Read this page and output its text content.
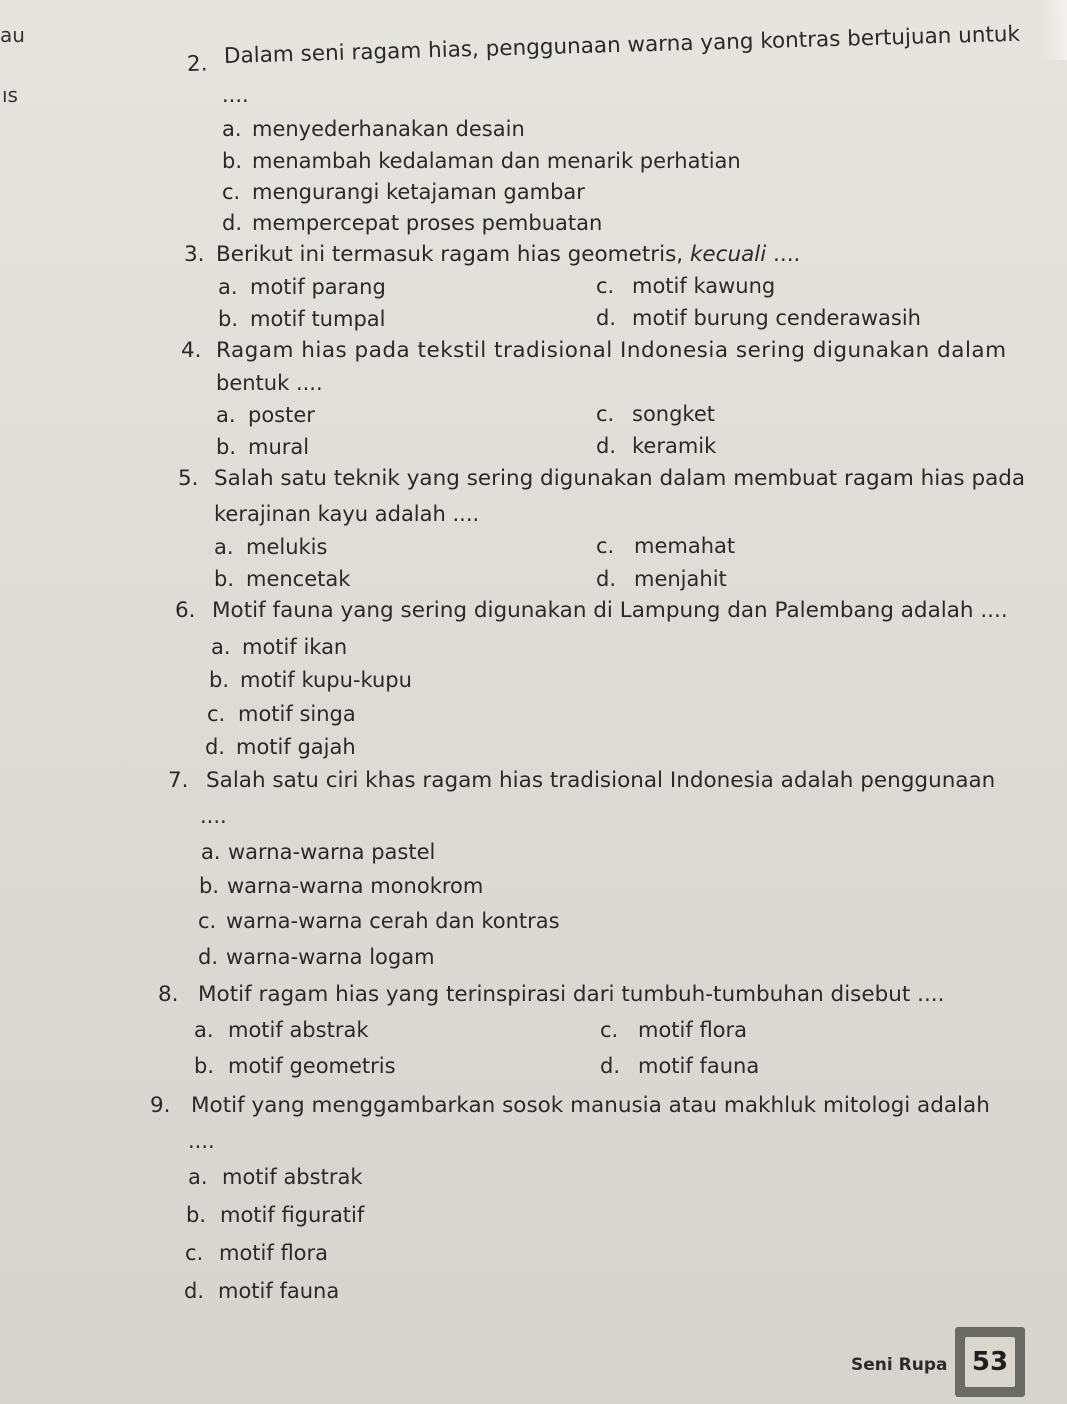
au
ıs
2. Dalam seni ragam hias, penggunaan warna yang kontras bertujuan untuk
....
a. menyederhanakan desain
b. menambah kedalaman dan menarik perhatian
c. mengurangi ketajaman gambar
d. mempercepat proses pembuatan
3. Berikut ini termasuk ragam hias geometris, kecuali ....
a. motif parang
b. motif tumpal
c. motif kawung
d. motif burung cenderawasih
4. Ragam hias pada tekstil tradisional Indonesia sering digunakan dalam
bentuk ....
a. poster
b. mural
c. songket
d. keramik
5. Salah satu teknik yang sering digunakan dalam membuat ragam hias pada
kerajinan kayu adalah ....
a. melukis
b. mencetak
c. memahat
d. menjahit
6. Motif fauna yang sering digunakan di Lampung dan Palembang adalah ....
a. motif ikan
b. motif kupu-kupu
c. motif singa
d. motif gajah
7. Salah satu ciri khas ragam hias tradisional Indonesia adalah penggunaan
....
a. warna-warna pastel
b. warna-warna monokrom
c. warna-warna cerah dan kontras
d. warna-warna logam
8. Motif ragam hias yang terinspirasi dari tumbuh-tumbuhan disebut ....
a. motif abstrak
b. motif geometris
c. motif flora
d. motif fauna
9. Motif yang menggambarkan sosok manusia atau makhluk mitologi adalah
....
a. motif abstrak
b. motif figuratif
c. motif flora
d. motif fauna
Seni Rupa 53
